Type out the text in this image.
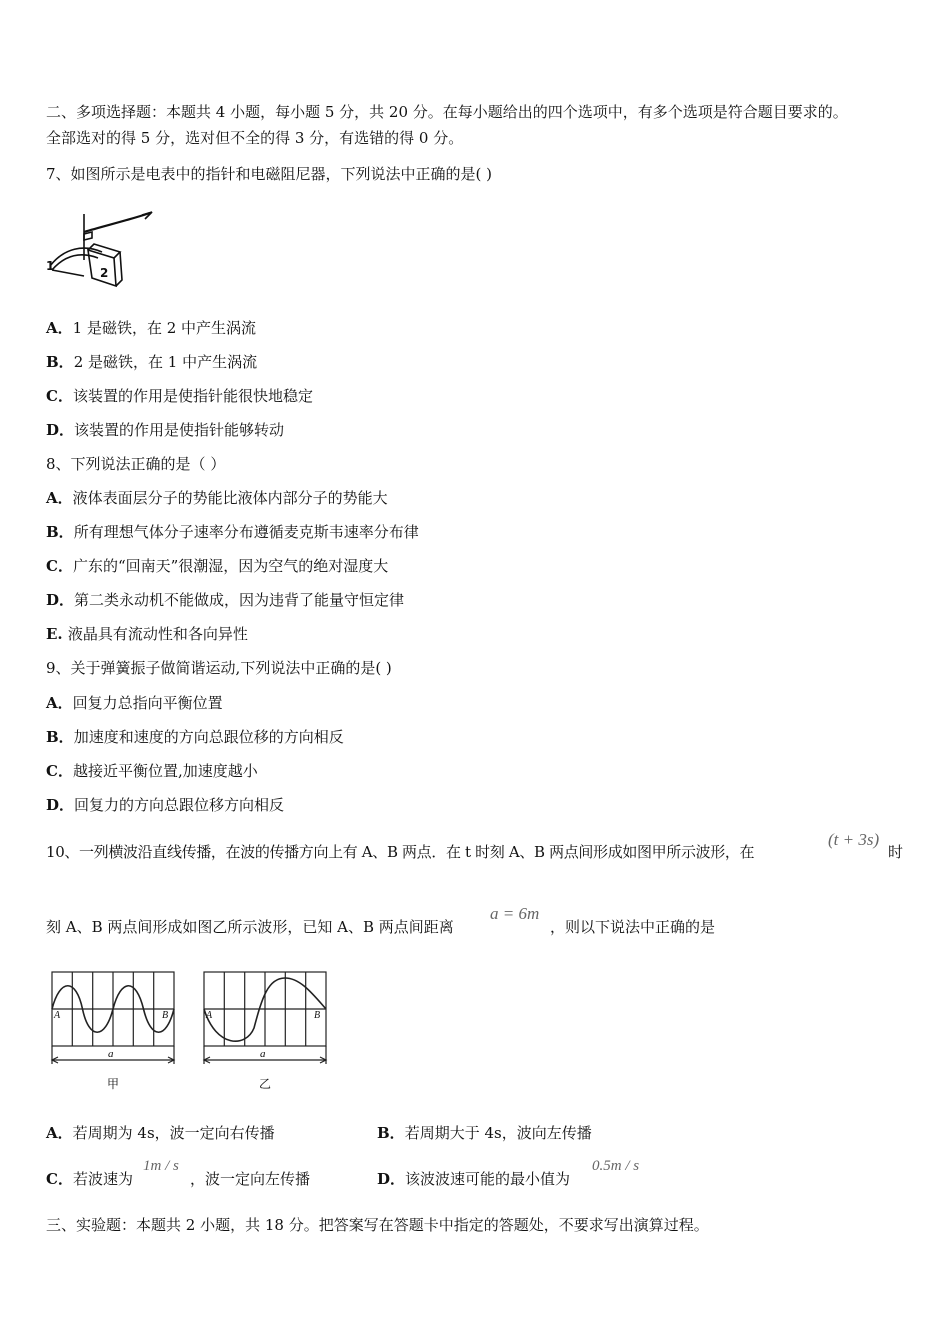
二、多项选择题：本题共 4 小题，每小题 5 分，共 20 分。在每小题给出的四个选项中，有多个选项是符合题目要求的。
全部选对的得 5 分，选对但不全的得 3 分，有选错的得 0 分。
7、如图所示是电表中的指针和电磁阻尼器，下列说法中正确的是( )
1	2
A．1 是磁铁，在 2 中产生涡流
B．2 是磁铁，在 1 中产生涡流
C．该装置的作用是使指针能很快地稳定
D．该装置的作用是使指针能够转动
8、下列说法正确的是（ ）
A．液体表面层分子的势能比液体内部分子的势能大
B．所有理想气体分子速率分布遵循麦克斯韦速率分布律
C．广东的“回南天”很潮湿，因为空气的绝对湿度大
D．第二类永动机不能做成，因为违背了能量守恒定律
E. 液晶具有流动性和各向异性
9、关于弹簧振子做简谐运动,下列说法中正确的是( )
A．回复力总指向平衡位置
B．加速度和速度的方向总跟位移的方向相反
C．越接近平衡位置,加速度越小
D．回复力的方向总跟位移方向相反
10、一列横波沿直线传播，在波的传播方向上有 A、B 两点．在 t 时刻 A、B 两点间形成如图甲所示波形，在
(t + 3s)
时
刻 A、B 两点间形成如图乙所示波形，已知 A、B 两点间距离
a = 6m
，则以下说法中正确的是
A	B
a
甲
A	B
a
乙
A．若周期为 4s，波一定向右传播	B．若周期大于 4s，波向左传播
C．若波速为
1m / s
，波一定向左传播	D．该波波速可能的最小值为
0.5m / s
三、实验题：本题共 2 小题，共 18 分。把答案写在答题卡中指定的答题处，不要求写出演算过程。
